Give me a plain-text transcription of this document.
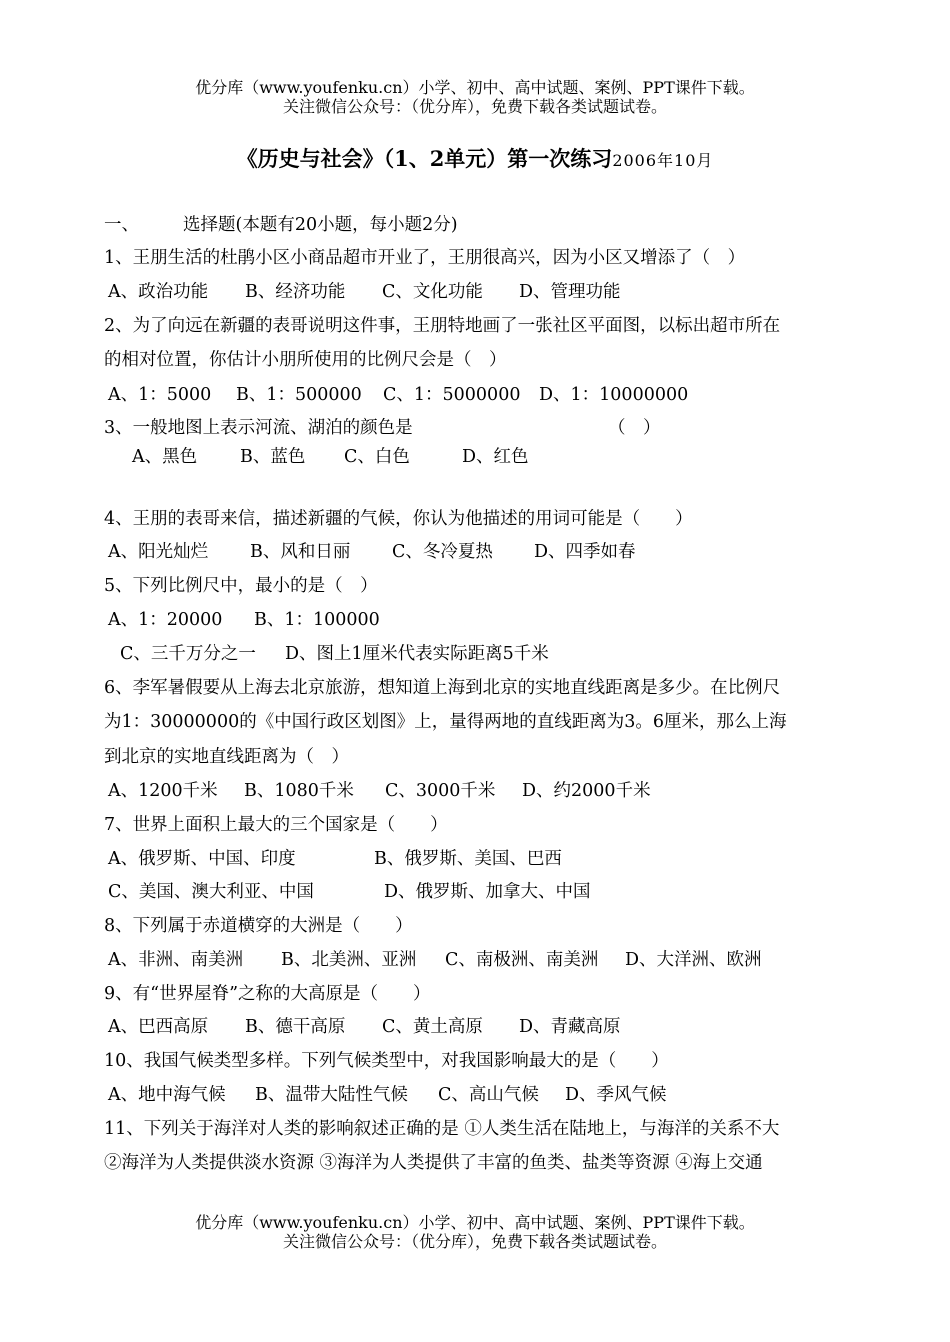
优分库（www.youfenku.cn）小学、初中、高中试题、案例、PPT课件下载。
关注微信公众号：（优分库），免费下载各类试题试卷。
《历史与社会》（1、2单元）第一次练习2006年10月
一、	选择题(本题有20小题，每小题2分)
1、王朋生活的杜鹃小区小商品超市开业了，王朋很高兴，因为小区又增添了（　）
A、政治功能 B、经济功能 C、文化功能 D、管理功能
2、为了向远在新疆的表哥说明这件事，王朋特地画了一张社区平面图，以标出超市所在
的相对位置，你估计小朋所使用的比例尺会是（　）
A、1：5000 B、1：500000 C、1：5000000 D、1：10000000
3、一般地图上表示河流、湖泊的颜色是	（　）
A、黑色 B、蓝色 C、白色	D、红色
4、王朋的表哥来信，描述新疆的气候，你认为他描述的用词可能是（　　）
A、阳光灿烂 B、风和日丽 C、冬冷夏热 D、四季如春
5、下列比例尺中，最小的是（　）
A、1：20000 B、1：100000
C、三千万分之一 D、图上1厘米代表实际距离5千米
6、李军暑假要从上海去北京旅游，想知道上海到北京的实地直线距离是多少。在比例尺
为1：30000000的《中国行政区划图》上，量得两地的直线距离为3。6厘米，那么上海
到北京的实地直线距离为（　）
A、1200千米 B、1080千米 C、3000千米 D、约2000千米
7、世界上面积上最大的三个国家是（　　）
A、俄罗斯、中国、印度	B、俄罗斯、美国、巴西
C、美国、澳大利亚、中国	D、俄罗斯、加拿大、中国
8、下列属于赤道横穿的大洲是（　　）
A、非洲、南美洲 B、北美洲、亚洲 C、南极洲、南美洲 D、大洋洲、欧洲
9、有“世界屋脊”之称的大高原是（　　）
A、巴西高原 B、德干高原 C、黄土高原 D、青藏高原
10、我国气候类型多样。下列气候类型中，对我国影响最大的是（　　）
A、地中海气候 B、温带大陆性气候 C、高山气候 D、季风气候
11、下列关于海洋对人类的影响叙述正确的是 ①人类生活在陆地上，与海洋的关系不大
②海洋为人类提供淡水资源 ③海洋为人类提供了丰富的鱼类、盐类等资源 ④海上交通
优分库（www.youfenku.cn）小学、初中、高中试题、案例、PPT课件下载。
关注微信公众号：（优分库），免费下载各类试题试卷。
